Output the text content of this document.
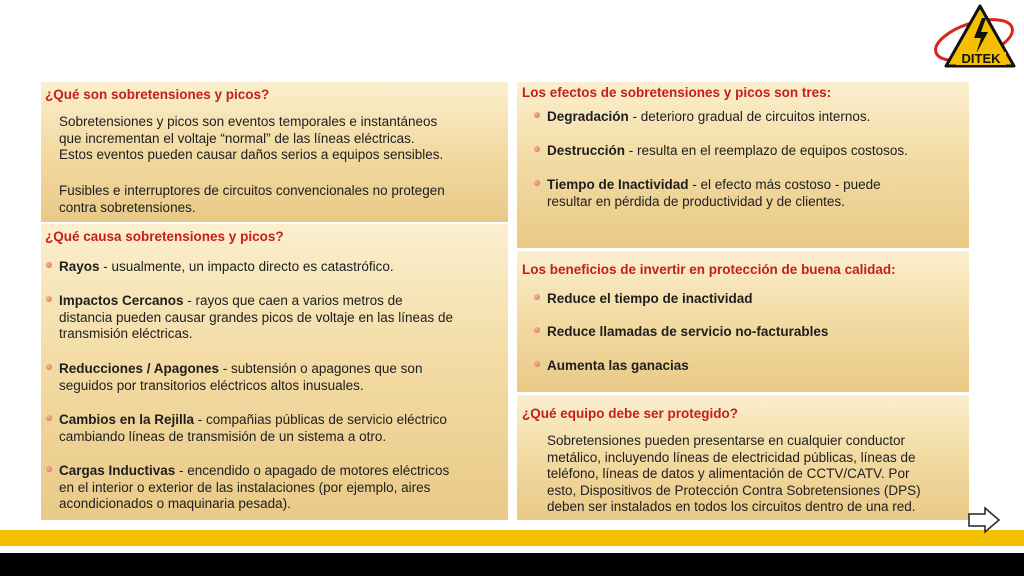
DITEK
¿Qué son sobretensiones y picos?
Sobretensiones y picos son eventos temporales e instantáneos
que incrementan el voltaje “normal” de las líneas eléctricas.
Estos eventos pueden causar daños serios a equipos sensibles.
Fusibles e interruptores de circuitos convencionales no protegen
contra sobretensiones.
¿Qué causa sobretensiones y picos?
Rayos - usualmente, un impacto directo es catastrófico.
Impactos Cercanos - rayos que caen a varios metros de
distancia pueden causar grandes picos de voltaje en las líneas de
transmisión eléctricas.
Reducciones / Apagones - subtensión o apagones que son
seguidos por transitorios eléctricos altos inusuales.
Cambios en la Rejilla - compañias públicas de servicio eléctrico
cambiando líneas de transmisión de un sistema a otro.
Cargas Inductivas - encendido o apagado de motores eléctricos
en el interior o exterior de las instalaciones (por ejemplo, aires
acondicionados o maquinaria pesada).
Los efectos de sobretensiones y picos son tres:
Degradación - deterioro gradual de circuitos internos.
Destrucción - resulta en el reemplazo de equipos costosos.
Tiempo de Inactividad - el efecto más costoso - puede
resultar en pérdida de productividad y de clientes.
Los beneficios de invertir en protección de buena calidad:
Reduce el tiempo de inactividad
Reduce llamadas de servicio no-facturables
Aumenta las ganacias
¿Qué equipo debe ser protegido?
Sobretensiones pueden presentarse en cualquier conductor
metálico, incluyendo líneas de electricidad públicas, líneas de
teléfono, líneas de datos y alimentación de CCTV/CATV. Por
esto, Dispositivos de Protección Contra Sobretensiones (DPS)
deben ser instalados en todos los circuitos dentro de una red.
